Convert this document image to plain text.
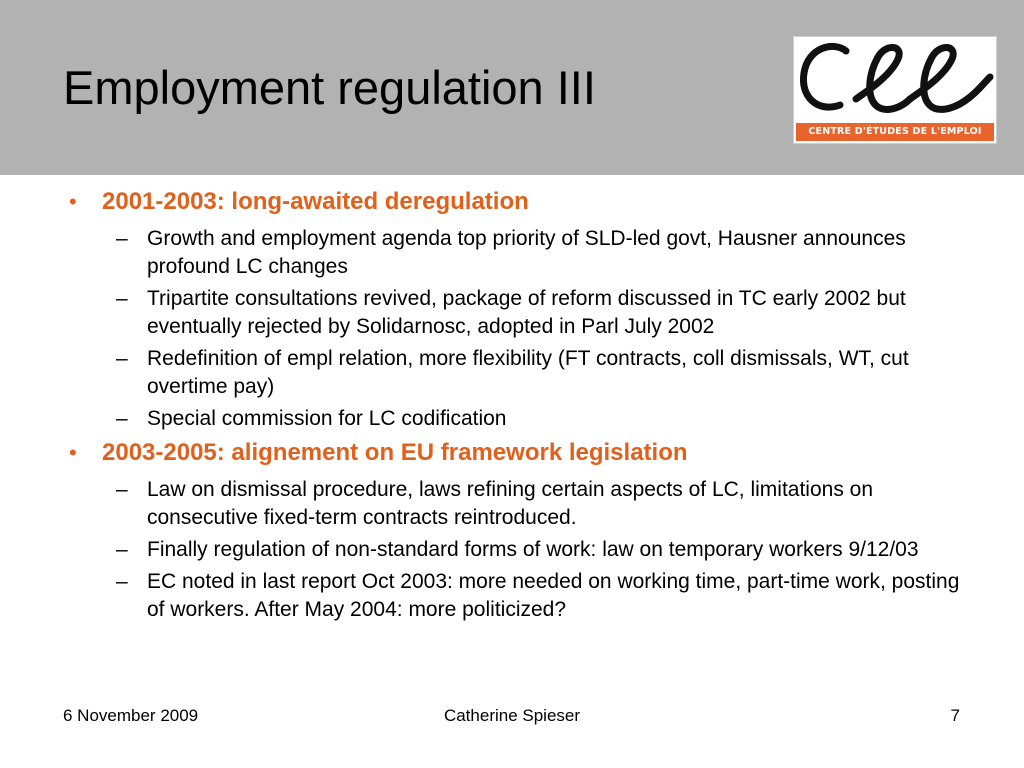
Employment regulation III
CENTRE D'ÉTUDES DE L'EMPLOI
• 2001-2003: long-awaited deregulation
– Growth and employment agenda top priority of SLD-led govt, Hausner announces profound LC changes
– Tripartite consultations revived, package of reform discussed in TC early 2002 but eventually rejected by Solidarnosc, adopted in Parl July 2002
– Redefinition of empl relation, more flexibility (FT contracts, coll dismissals, WT, cut overtime pay)
– Special commission for LC codification
• 2003-2005: alignement on EU framework legislation
– Law on dismissal procedure, laws refining certain aspects of LC, limitations on consecutive fixed-term contracts reintroduced.
– Finally regulation of non-standard forms of work: law on temporary workers 9/12/03
– EC noted in last report Oct 2003: more needed on working time, part-time work, posting of workers. After May 2004: more politicized?
6 November 2009	Catherine Spieser	7
